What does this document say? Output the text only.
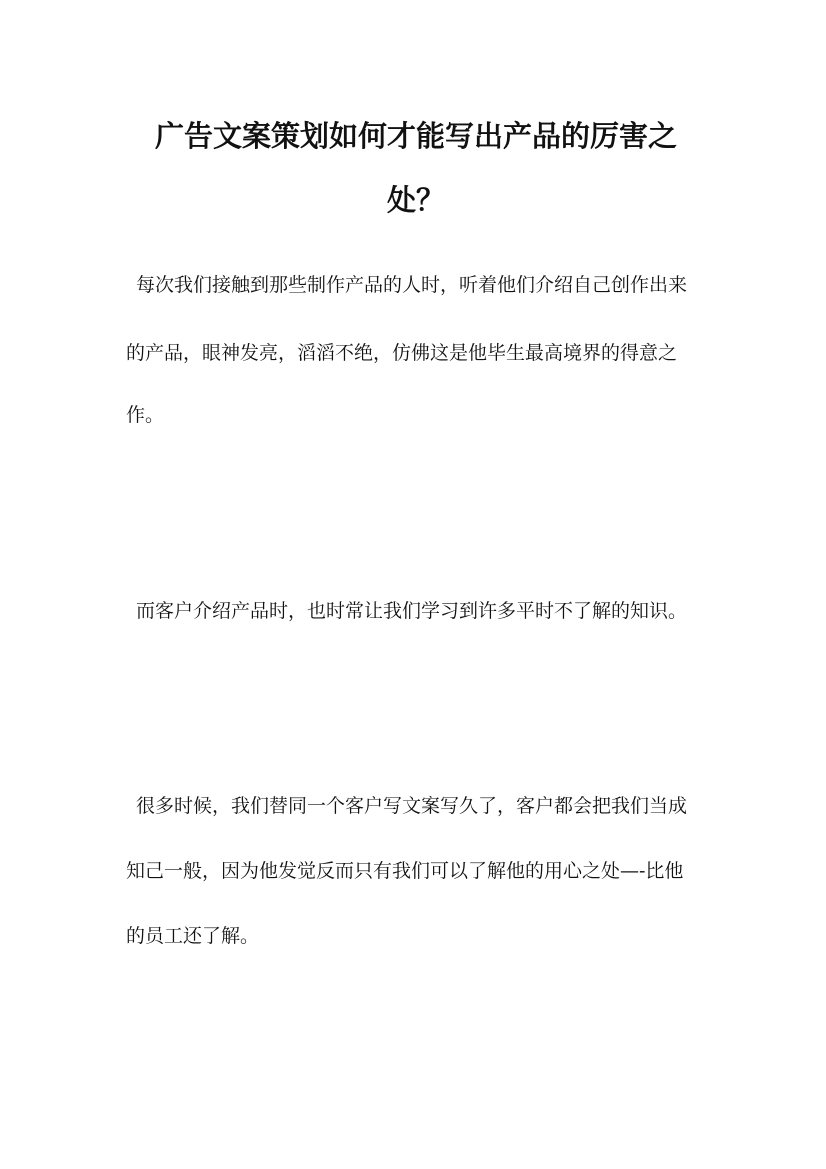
广告文案策划如何才能写出产品的厉害之
处？

每次我们接触到那些制作产品的人时，听着他们介绍自己创作出来

的产品，眼神发亮，滔滔不绝，仿佛这是他毕生最高境界的得意之

作。

而客户介绍产品时，也时常让我们学习到许多平时不了解的知识。

很多时候，我们替同一个客户写文案写久了，客户都会把我们当成

知己一般，因为他发觉反而只有我们可以了解他的用心之处—-比他

的员工还了解。
